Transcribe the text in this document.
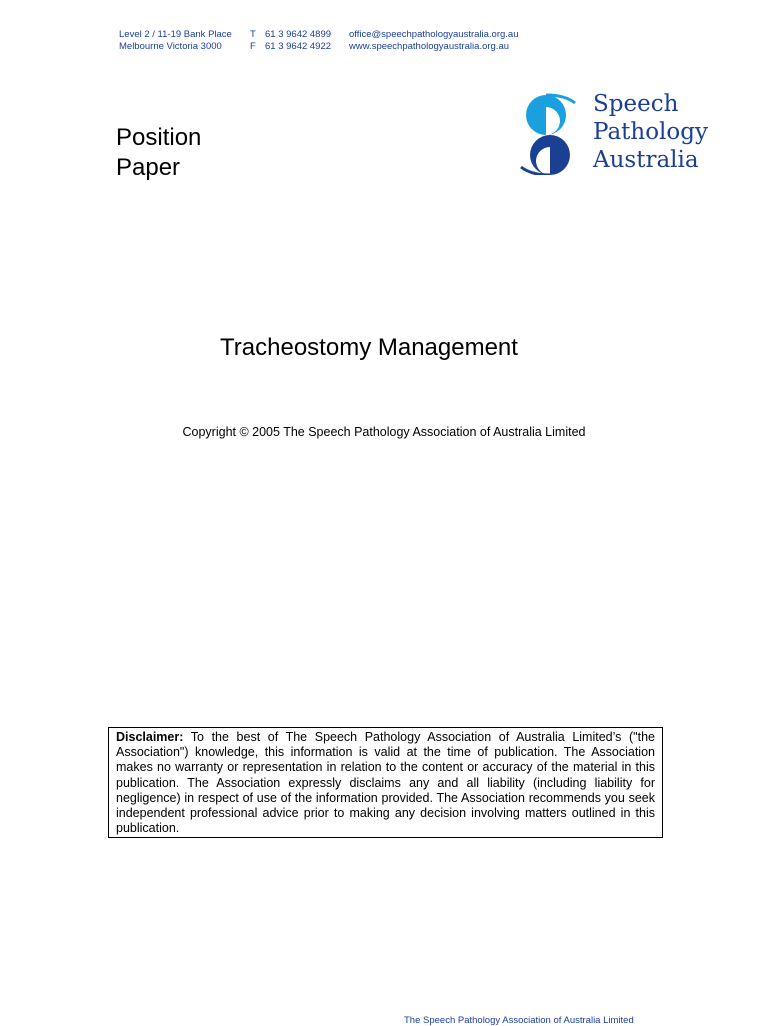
Level 2 / 11-19 Bank Place
Melbourne Victoria 3000
T
F
61 3 9642 4899
61 3 9642 4922
office@speechpathologyaustralia.org.au
www.speechpathologyaustralia.org.au
Position
Paper
Speech
Pathology
Australia
Tracheostomy Management
Copyright © 2005 The Speech Pathology Association of Australia Limited
Disclaimer: To the best of The Speech Pathology Association of Australia Limited’s ("the Association") knowledge, this information is valid at the time of publication. The Association makes no warranty or representation in relation to the content or accuracy of the material in this publication. The Association expressly disclaims any and all liability (including liability for negligence) in respect of use of the information provided. The Association recommends you seek independent professional advice prior to making any decision involving matters outlined in this publication.
The Speech Pathology Association of Australia Limited
